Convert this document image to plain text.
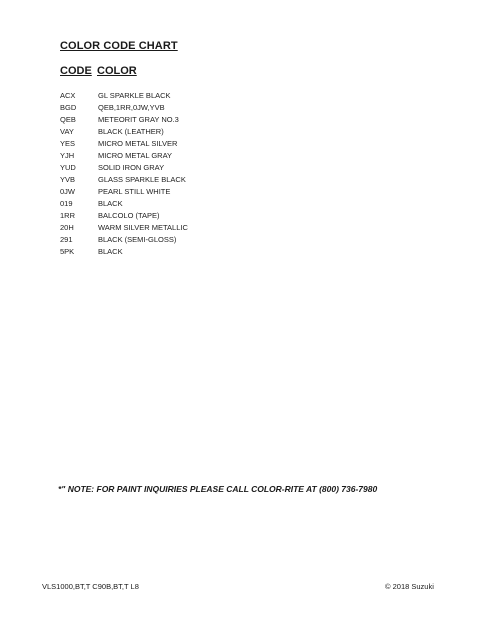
COLOR CODE CHART
CODE COLOR
ACX	GL SPARKLE BLACK
BGD	QEB,1RR,0JW,YVB
QEB	METEORIT GRAY NO.3
VAY	BLACK (LEATHER)
YES	MICRO METAL SILVER
YJH	MICRO METAL GRAY
YUD	SOLID IRON GRAY
YVB	GLASS SPARKLE BLACK
0JW	PEARL STILL WHITE
019	BLACK
1RR	BALCOLO (TAPE)
20H	WARM SILVER METALLIC
291	BLACK (SEMI-GLOSS)
5PK	BLACK
*" NOTE: FOR PAINT INQUIRIES PLEASE CALL COLOR-RITE AT (800) 736-7980
VLS1000,BT,T C90B,BT,T L8	© 2018 Suzuki
